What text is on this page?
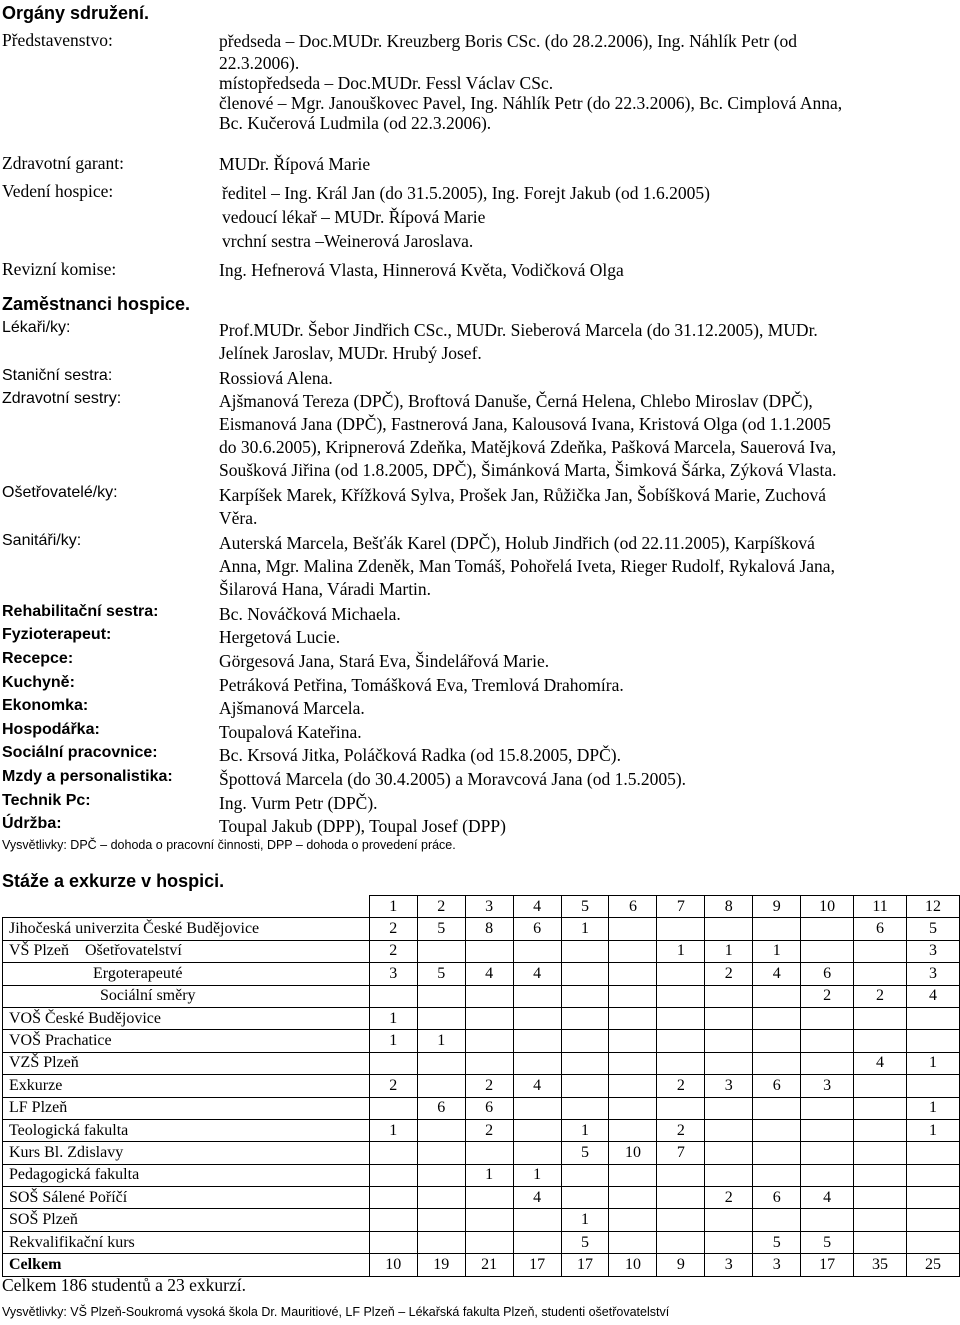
Orgány sdružení.
Představenstvo:	předseda – Doc.MUDr. Kreuzberg Boris CSc. (do 28.2.2006), Ing. Náhlík Petr (od
22.3.2006).
místopředseda – Doc.MUDr. Fessl Václav CSc.
členové – Mgr. Janouškovec Pavel, Ing. Náhlík Petr (do 22.3.2006), Bc. Cimplová Anna,
Bc. Kučerová Ludmila (od 22.3.2006).
Zdravotní garant:	MUDr. Řípová Marie
Vedení hospice:	ředitel – Ing. Král Jan (do 31.5.2005), Ing. Forejt Jakub (od 1.6.2005)
vedoucí lékař – MUDr. Řípová Marie
vrchní sestra –Weinerová Jaroslava.
Revizní komise:	Ing. Hefnerová Vlasta, Hinnerová Květa, Vodičková Olga
Zaměstnanci hospice.
Lékaři/ky:	Prof.MUDr. Šebor Jindřich CSc., MUDr. Sieberová Marcela (do 31.12.2005), MUDr.
Jelínek Jaroslav, MUDr. Hrubý Josef.
Staniční sestra:	Rossiová Alena.
Zdravotní sestry:	Ajšmanová Tereza (DPČ), Broftová Danuše, Černá Helena, Chlebo Miroslav (DPČ),
Eismanová Jana (DPČ), Fastnerová Jana, Kalousová Ivana, Kristová Olga (od 1.1.2005
do 30.6.2005), Kripnerová Zdeňka, Matějková Zdeňka, Pašková Marcela, Sauerová Iva,
Soušková Jiřina (od 1.8.2005, DPČ), Šimánková Marta, Šimková Šárka, Zýková Vlasta.
Ošetřovatelé/ky:	Karpíšek Marek, Křížková Sylva, Prošek Jan, Růžička Jan, Šobíšková Marie, Zuchová
Věra.
Sanitáři/ky:	Auterská Marcela, Bešťák Karel (DPČ), Holub Jindřich (od 22.11.2005), Karpíšková
Anna, Mgr. Malina Zdeněk, Man Tomáš, Pohořelá Iveta, Rieger Rudolf, Rykalová Jana,
Šilarová Hana, Váradi Martin.
Rehabilitační sestra:	Bc. Nováčková Michaela.
Fyzioterapeut:	Hergetová Lucie.
Recepce:	Görgesová Jana, Stará Eva, Šindelářová Marie.
Kuchyně:	Petráková Petřina, Tomášková Eva, Tremlová Drahomíra.
Ekonomka:	Ajšmanová Marcela.
Hospodářka:	Toupalová Kateřina.
Sociální pracovnice:	Bc. Krsová Jitka, Poláčková Radka (od 15.8.2005, DPČ).
Mzdy a personalistika:	Špottová Marcela (do 30.4.2005) a Moravcová Jana (od 1.5.2005).
Technik Pc:	Ing. Vurm Petr (DPČ).
Údržba:	Toupal Jakub (DPP), Toupal Josef (DPP)
Vysvětlivky: DPČ – dohoda o pracovní činnosti, DPP – dohoda o provedení práce.
Stáže a exkurze v hospici.
	1	2	3	4	5	6	7	8	9	10	11	12
Jihočeská univerzita České Budějovice	2	5	8	6	1						6	5
VŠ Plzeň Ošetřovatelství	2						1	1	1			3
Ergoterapeuté	3	5	4	4				2	4	6		3
Sociální směry										2	2	4
VOŠ České Budějovice	1											
VOŠ Prachatice	1	1										
VZŠ Plzeň											4	1
Exkurze	2		2	4			2	3	6	3		
LF Plzeň		6	6									1
Teologická fakulta	1		2		1		2					1
Kurs Bl. Zdislavy					5	10	7					
Pedagogická fakulta			1	1								
SOŠ Sálené Poříčí				4				2	6	4		
SOŠ Plzeň					1							
Rekvalifikační kurs					5				5	5		
Celkem	10	19	21	17	17	10	9	3	3	17	35	25
Celkem 186 studentů a 23 exkurzí.
Vysvětlivky: VŠ Plzeň-Soukromá vysoká škola Dr. Mauritiové, LF Plzeň – Lékařská fakulta Plzeň, studenti ošetřovatelství
